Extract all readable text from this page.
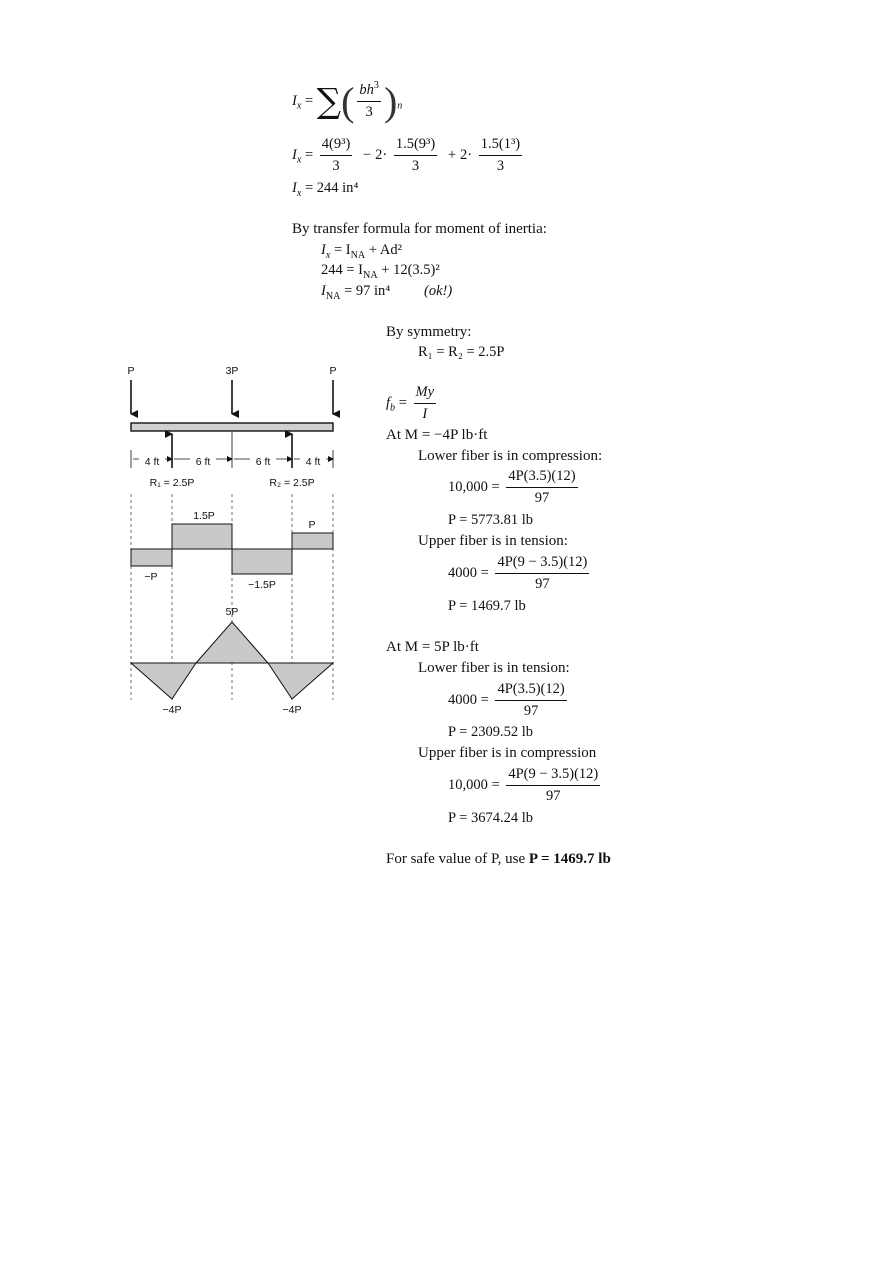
$I_x$ = ∑( $\frac{bh^3}{3} )_n$
$I_x = \frac{\text{4(9³)}}{3} - 2\cdot \frac{\text{1.5(9³)}}{3} + 2\cdot \frac{\text{1.5(1³)}}{3}$
$I_x = 244$ in⁴
By transfer formula for moment of inertia:
$I_x = I_{NA} + Ad^2$
$244 = I_{NA} + 12(3.5)^2$
$I_{NA} = 97$ in⁴ (ok!)
By symmetry:
R₁ = R₂ = 2.5P
$f_b = \frac{My}{I}$
At M = −4P lb·ft
Lower fiber is in compression:
$10,000 = \frac{4P(3.5)(12)}{97}$
P = 5773.81 lb
Upper fiber is in tension:
$4000 = \frac{4P(9 - 3.5)(12)}{97}$
P = 1469.7 lb
At M = 5P lb·ft
Lower fiber is in tension:
$4000 = \frac{4P(3.5)(12)}{97}$
P = 2309.52 lb
Upper fiber is in compression
$10,000 = \frac{4P(9 - 3.5)(12)}{97}$
P = 3674.24 lb
For safe value of P, use P = 1469.7 lb
P	3P	P
4 ft	6 ft	6 ft	4 ft
R₁ = 2.5P	R₂ = 2.5P
1.5P
P
−P
−1.5P
5P
−4P	−4P
